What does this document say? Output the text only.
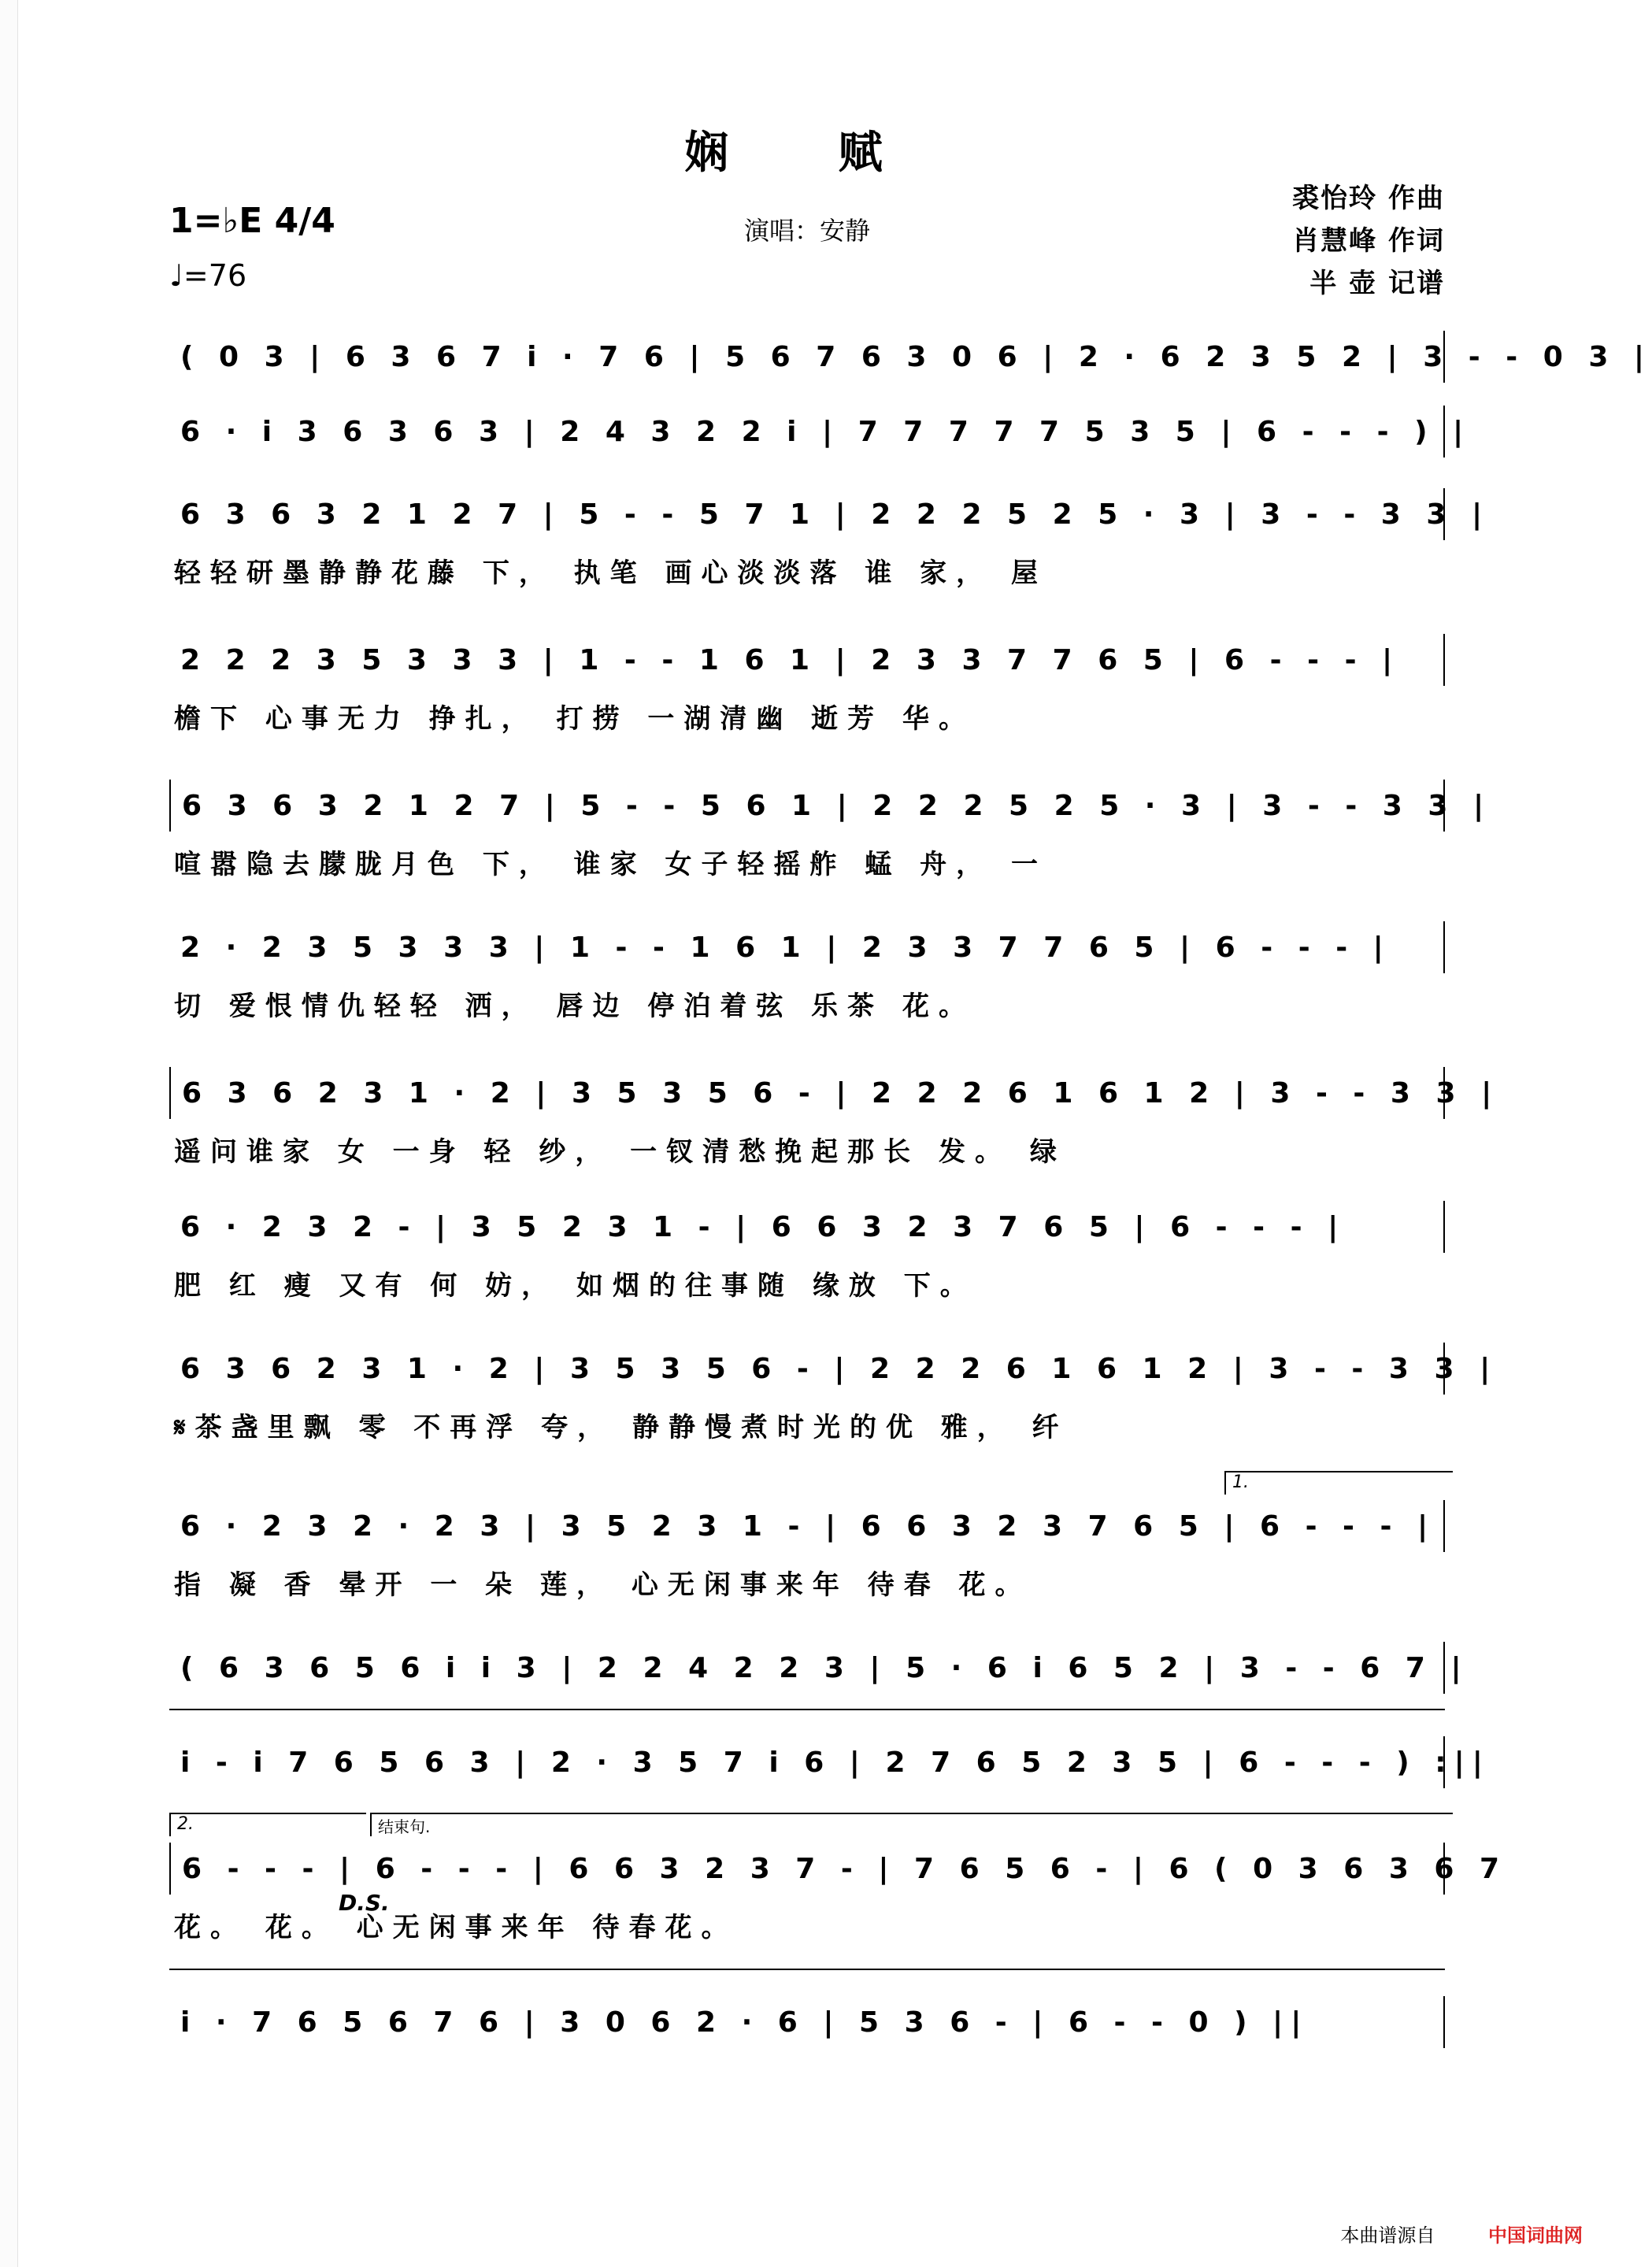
娴 赋
1=♭E 4/4
♩=76
演唱：安静
裘怡玲 作曲
肖慧峰 作词
半 壶 记谱
( 0 3 | 6 3 6 7 i · 7 6 | 5 6 7 6 3 0 6 | 2 · 6 2 3 5 2 | 3 - - 0 3 |
6 · i 3 6 3 6 3 | 2 4 3 2 2 i | 7 7 7 7 7 5 3 5 | 6 - - - ) |
6 3 6 3 2 1 2 7 | 5 - - 5 7 1 | 2 2 2 5 2 5 · 3 | 3 - - 3 3 |
轻轻研墨静静花藤 下， 执笔 画心淡淡落 谁 家， 屋
2 2 2 3 5 3 3 3 | 1 - - 1 6 1 | 2 3 3 7 7 6 5 | 6 - - - |
檐下 心事无力 挣扎， 打捞 一湖清幽 逝芳 华。
6 3 6 3 2 1 2 7 | 5 - - 5 6 1 | 2 2 2 5 2 5 · 3 | 3 - - 3 3 |
喧嚣隐去朦胧月色 下， 谁家 女子轻摇舴 蜢 舟， 一
2 · 2 3 5 3 3 3 | 1 - - 1 6 1 | 2 3 3 7 7 6 5 | 6 - - - |
切 爱恨情仇轻轻 洒， 唇边 停泊着弦 乐茶 花。
6 3 6 2 3 1 · 2 | 3 5 3 5 6 - | 2 2 2 6 1 6 1 2 | 3 - - 3 3 |
遥问谁家 女 一身 轻 纱， 一钗清愁挽起那长 发。 绿
6 · 2 3 2 - | 3 5 2 3 1 - | 6 6 3 2 3 7 6 5 | 6 - - - |
肥 红 瘦 又有 何 妨， 如烟的往事随 缘放 下。
6 3 6 2 3 1 · 2 | 3 5 3 5 6 - | 2 2 2 6 1 6 1 2 | 3 - - 3 3 |
𝄋茶盏里飘 零 不再浮 夸， 静静慢煮时光的优 雅， 纤
1.
6 · 2 3 2 · 2 3 | 3 5 2 3 1 - | 6 6 3 2 3 7 6 5 | 6 - - - |
指 凝 香 晕开 一 朵 莲， 心无闲事来年 待春 花。
( 6 3 6 5 6 i i 3 | 2 2 4 2 2 3 | 5 · 6 i 6 5 2 | 3 - - 6 7 |
i - i 7 6 5 6 3 | 2 · 3 5 7 i 6 | 2 7 6 5 2 3 5 | 6 - - - ) :||
2.	结束句.
6 - - - | 6 - - - | 6 6 3 2 3 7 - | 7 6 5 6 - | 6 ( 0 3 6 3 6 7
花。 花。 心无闲事来年 待春花。
D.S.
i · 7 6 5 6 7 6 | 3 0 6 2 · 6 | 5 3 6 - | 6 - - 0 ) ||
本曲谱源自	中国词曲网
